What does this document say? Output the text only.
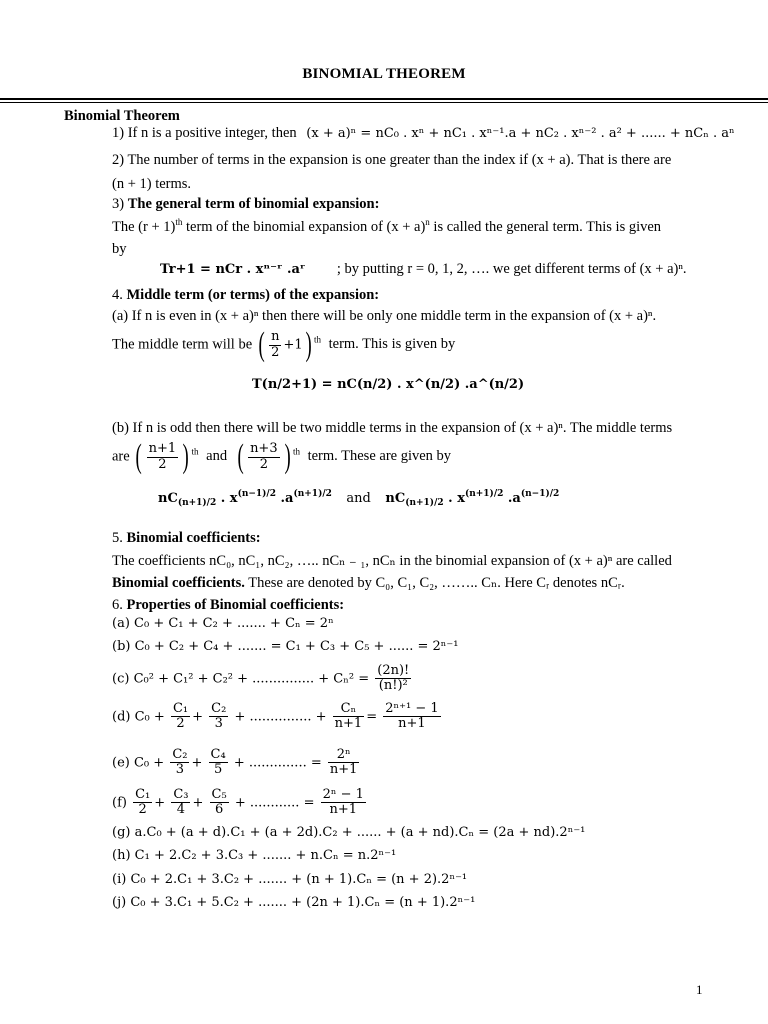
BINOMIAL THEOREM
Binomial Theorem
1) If n is a positive integer, then (x + a)ⁿ = nC₀ . xⁿ + nC₁ . xⁿ⁻¹.a + nC₂ . xⁿ⁻² . a² + ...... + nCₙ . aⁿ
2) The number of terms in the expansion is one greater than the index if (x + a). That is there are
(n + 1) terms.
3) The general term of binomial expansion:
The $(r + 1)^{th}$ term of the binomial expansion of $(x + a)^n$ is called the general term. This is given
by
Tr+1 = nCr . xⁿ⁻ʳ .aʳ ; by putting r = 0, 1, 2, …. we get different terms of (x + a)ⁿ.
4. Middle term (or terms) of the expansion:
(a) If n is even in (x + a)ⁿ then there will be only one middle term in the expansion of (x + a)ⁿ.
The middle term will be ( $\frac{n}{2} +1$) $^{th}$ term. This is given by
T(n/2+1) = nC(n/2) . x^(n/2) .a^(n/2)
(b) If n is odd then there will be two middle terms in the expansion of (x + a)ⁿ. The middle terms
are ( $\frac{n+1}{2}$ ) $^{th}$ and ( $\frac{n+3}{2}$ ) $^{th}$ term. These are given by
$nC_{(n+1)/2}$ . $x^{(n-1)/2}$ $.a^{(n+1)/2}$ and $nC_{(n+1)/2}$ . $x^{(n+1)/2}$ $.a^{(n-1)/2}$
5. Binomial coefficients:
The coefficients nC₀, nC₁, nC₂, ….. nCₙ ₋ ₁, nCₙ in the binomial expansion of (x + a)ⁿ are called
Binomial coefficients. These are denoted by C₀, C₁, C₂, …….. Cₙ. Here Cᵣ denotes nCᵣ.
6. Properties of Binomial coefficients:
(a) C₀ + C₁ + C₂ + ....... + Cₙ = 2ⁿ
(b) C₀ + C₂ + C₄ + ....... = C₁ + C₃ + C₅ + ...... = 2ⁿ⁻¹
(c) C₀² + C₁² + C₂² + ............... + $C_n^2 = \frac{(2n)!}{\text{(n!)²}}$
(d) $C_0 + \frac{\text{C₁}}{2} + \frac{\text{C₂}}{3}$ + ............... + $\frac{\text{Cₙ}}{n+1} = \frac{\text{2ⁿ⁺¹ − 1}}{n+1}$
(e) $C_0 + \frac{\text{C₂}}{3} + \frac{\text{C₄}}{5}$ + .............. = $\frac{\text{2ⁿ}}{n+1}$
$(f) \frac{\text{C₁}}{2} + \frac{\text{C₃}}{4} + \frac{\text{C₅}}{6}$ + ............ = $\frac{\text{2ⁿ − 1}}{n+1}$
(g) a.C₀ + (a + d).C₁ + (a + 2d).C₂ + ...... + (a + nd).Cₙ = (2a + nd).2ⁿ⁻¹
(h) C₁ + 2.C₂ + 3.C₃ + ....... + n.Cₙ = n.2ⁿ⁻¹
(i) C₀ + 2.C₁ + 3.C₂ + ....... + (n + 1).Cₙ = (n + 2).2ⁿ⁻¹
(j) C₀ + 3.C₁ + 5.C₂ + ....... + (2n + 1).Cₙ = (n + 1).2ⁿ⁻¹
1
